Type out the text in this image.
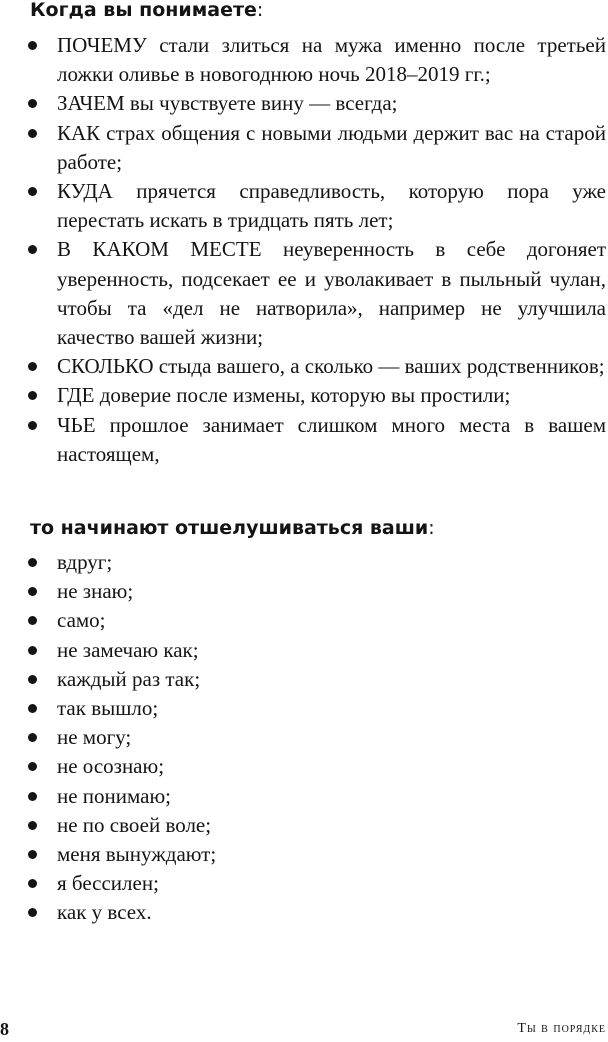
Когда вы понимаете:

ПОЧЕМУ стали злиться на мужа именно после третьей ложки оливье в новогоднюю ночь 2018–2019 гг.;
ЗАЧЕМ вы чувствуете вину — всегда;
КАК страх общения с новыми людьми держит вас на старой работе;
КУДА прячется справедливость, которую пора уже перестать искать в тридцать пять лет;
В КАКОМ МЕСТЕ неуверенность в себе догоняет уверенность, подсекает ее и уволакивает в пыльный чулан, чтобы та «дел не натворила», например не улучшила качество вашей жизни;
СКОЛЬКО стыда вашего, а сколько — ваших родственников;
ГДЕ доверие после измены, которую вы простили;
ЧЬЕ прошлое занимает слишком много места в вашем настоящем,

то начинают отшелушиваться ваши:

вдруг;
не знаю;
само;
не замечаю как;
каждый раз так;
так вышло;
не могу;
не осознаю;
не понимаю;
не по своей воле;
меня вынуждают;
я бессилен;
как у всех.
8	Ты в порядке
